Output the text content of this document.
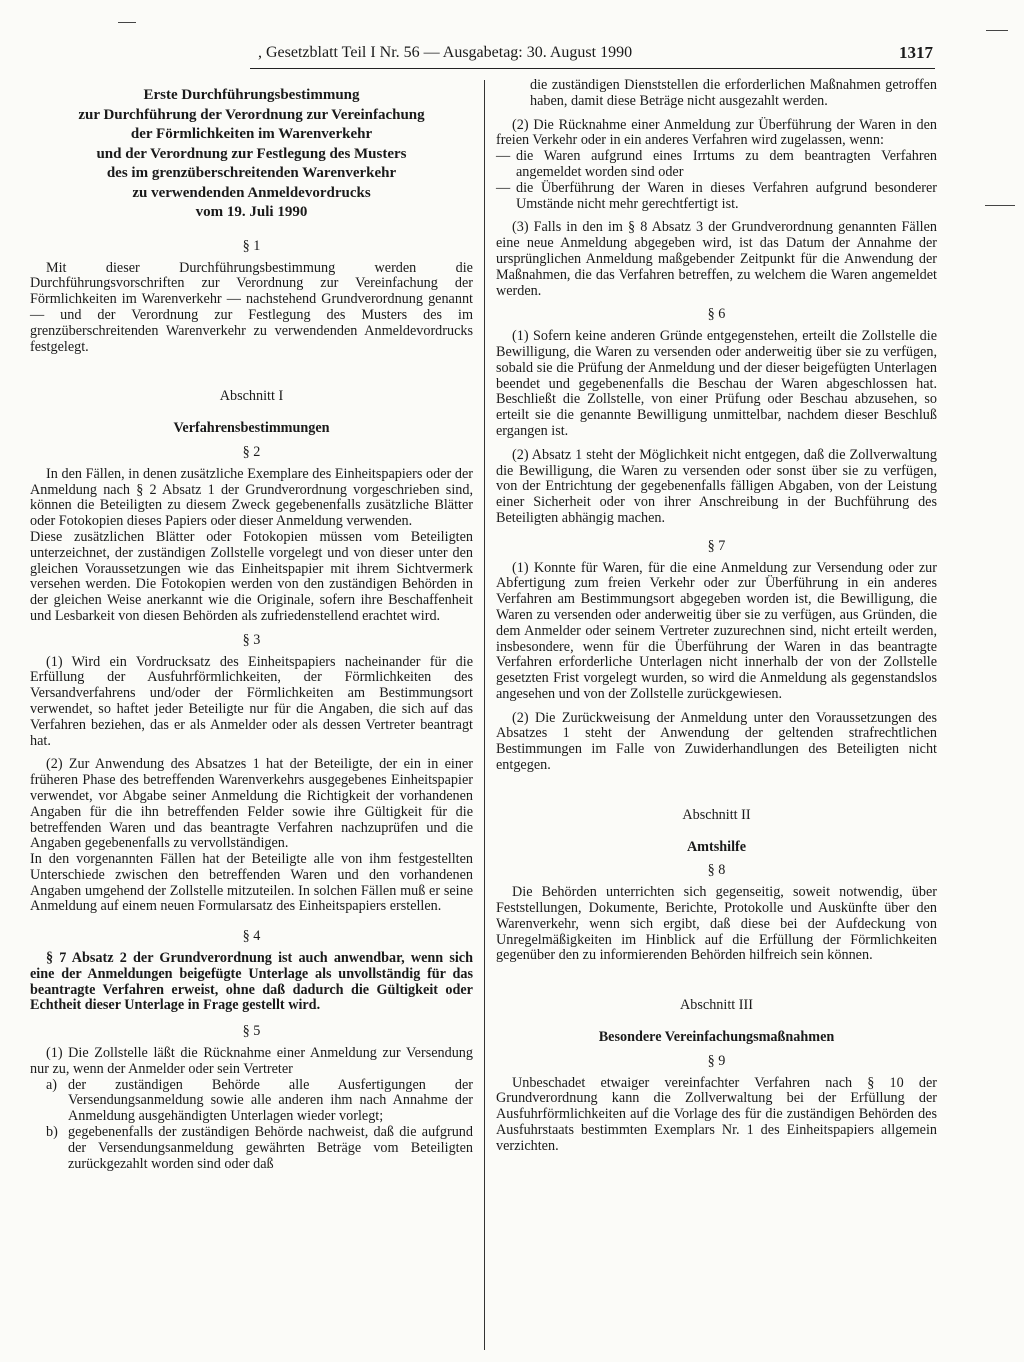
, Gesetzblatt Teil I Nr. 56 — Ausgabetag: 30. August 1990	1317
Erste Durchführungsbestimmung
zur Durchführung der Verordnung zur Vereinfachung
der Förmlichkeiten im Warenverkehr
und der Verordnung zur Festlegung des Musters
des im grenzüberschreitenden Warenverkehr
zu verwendenden Anmeldevordrucks
vom 19. Juli 1990
§ 1

Mit dieser Durchführungsbestimmung werden die Durchführungsvorschriften zur Verordnung zur Vereinfachung der Förmlichkeiten im Warenverkehr — nachstehend Grundverordnung genannt — und der Verordnung zur Festlegung des Musters des im grenzüberschreitenden Warenverkehr zu verwendenden Anmeldevordrucks festgelegt.

Abschnitt I
Verfahrensbestimmungen
§ 2

In den Fällen, in denen zusätzliche Exemplare des Einheitspapiers oder der Anmeldung nach § 2 Absatz 1 der Grundverordnung vorgeschrieben sind, können die Beteiligten zu diesem Zweck gegebenenfalls zusätzliche Blätter oder Fotokopien dieses Papiers oder dieser Anmeldung verwenden.

Diese zusätzlichen Blätter oder Fotokopien müssen vom Beteiligten unterzeichnet, der zuständigen Zollstelle vorgelegt und von dieser unter den gleichen Voraussetzungen wie das Einheitspapier mit ihrem Sichtvermerk versehen werden. Die Fotokopien werden von den zuständigen Behörden in der gleichen Weise anerkannt wie die Originale, sofern ihre Beschaffenheit und Lesbarkeit von diesen Behörden als zufriedenstellend erachtet wird.

§ 3

(1) Wird ein Vordrucksatz des Einheitspapiers nacheinander für die Erfüllung der Ausfuhrförmlichkeiten, der Förmlichkeiten des Versandverfahrens und/oder der Förmlichkeiten am Bestimmungsort verwendet, so haftet jeder Beteiligte nur für die Angaben, die sich auf das Verfahren beziehen, das er als Anmelder oder als dessen Vertreter beantragt hat.

(2) Zur Anwendung des Absatzes 1 hat der Beteiligte, der ein in einer früheren Phase des betreffenden Warenverkehrs ausgegebenes Einheitspapier verwendet, vor Abgabe seiner Anmeldung die Richtigkeit der vorhandenen Angaben für die ihn betreffenden Felder sowie ihre Gültigkeit für die betreffenden Waren und das beantragte Verfahren nachzuprüfen und die Angaben gegebenenfalls zu vervollständigen.

In den vorgenannten Fällen hat der Beteiligte alle von ihm festgestellten Unterschiede zwischen den betreffenden Waren und den vorhandenen Angaben umgehend der Zollstelle mitzuteilen. In solchen Fällen muß er seine Anmeldung auf einem neuen Formularsatz des Einheitspapiers erstellen.

§ 4

§ 7 Absatz 2 der Grundverordnung ist auch anwendbar, wenn sich eine der Anmeldungen beigefügte Unterlage als unvollständig für das beantragte Verfahren erweist, ohne daß dadurch die Gültigkeit oder Echtheit dieser Unterlage in Frage gestellt wird.

§ 5

(1) Die Zollstelle läßt die Rücknahme einer Anmeldung zur Versendung nur zu, wenn der Anmelder oder sein Vertreter

a) der zuständigen Behörde alle Ausfertigungen der Versendungsanmeldung sowie alle anderen ihm nach Annahme der Anmeldung ausgehändigten Unterlagen wieder vorlegt;
b) gegebenenfalls der zuständigen Behörde nachweist, daß die aufgrund der Versendungsanmeldung gewährten Beträge vom Beteiligten zurückgezahlt worden sind oder daß

die zuständigen Dienststellen die erforderlichen Maßnahmen getroffen haben, damit diese Beträge nicht ausgezahlt werden.

(2) Die Rücknahme einer Anmeldung zur Überführung der Waren in den freien Verkehr oder in ein anderes Verfahren wird zugelassen, wenn:

— die Waren aufgrund eines Irrtums zu dem beantragten Verfahren angemeldet worden sind oder
— die Überführung der Waren in dieses Verfahren aufgrund besonderer Umstände nicht mehr gerechtfertigt ist.

(3) Falls in den im § 8 Absatz 3 der Grundverordnung genannten Fällen eine neue Anmeldung abgegeben wird, ist das Datum der Annahme der ursprünglichen Anmeldung maßgebender Zeitpunkt für die Anwendung der Maßnahmen, die das Verfahren betreffen, zu welchem die Waren angemeldet werden.

§ 6

(1) Sofern keine anderen Gründe entgegenstehen, erteilt die Zollstelle die Bewilligung, die Waren zu versenden oder anderweitig über sie zu verfügen, sobald sie die Prüfung der Anmeldung und der dieser beigefügten Unterlagen beendet und gegebenenfalls die Beschau der Waren abgeschlossen hat. Beschließt die Zollstelle, von einer Prüfung oder Beschau abzusehen, so erteilt sie die genannte Bewilligung unmittelbar, nachdem dieser Beschluß ergangen ist.

(2) Absatz 1 steht der Möglichkeit nicht entgegen, daß die Zollverwaltung die Bewilligung, die Waren zu versenden oder sonst über sie zu verfügen, von der Entrichtung der gegebenenfalls fälligen Abgaben, von der Leistung einer Sicherheit oder von ihrer Anschreibung in der Buchführung des Beteiligten abhängig machen.

§ 7

(1) Konnte für Waren, für die eine Anmeldung zur Versendung oder zur Abfertigung zum freien Verkehr oder zur Überführung in ein anderes Verfahren am Bestimmungsort abgegeben worden ist, die Bewilligung, die Waren zu versenden oder anderweitig über sie zu verfügen, aus Gründen, die dem Anmelder oder seinem Vertreter zuzurechnen sind, nicht erteilt werden, insbesondere, wenn für die Überführung der Waren in das beantragte Verfahren erforderliche Unterlagen nicht innerhalb der von der Zollstelle gesetzten Frist vorgelegt wurden, so wird die Anmeldung als gegenstandslos angesehen und von der Zollstelle zurückgewiesen.

(2) Die Zurückweisung der Anmeldung unter den Voraussetzungen des Absatzes 1 steht der Anwendung der geltenden strafrechtlichen Bestimmungen im Falle von Zuwiderhandlungen des Beteiligten nicht entgegen.

Abschnitt II
Amtshilfe
§ 8

Die Behörden unterrichten sich gegenseitig, soweit notwendig, über Feststellungen, Dokumente, Berichte, Protokolle und Auskünfte über den Warenverkehr, wenn sich ergibt, daß diese bei der Aufdeckung von Unregelmäßigkeiten im Hinblick auf die Erfüllung der Förmlichkeiten gegenüber den zu informierenden Behörden hilfreich sein können.

Abschnitt III
Besondere Vereinfachungsmaßnahmen
§ 9

Unbeschadet etwaiger vereinfachter Verfahren nach § 10 der Grundverordnung kann die Zollverwaltung bei der Erfüllung der Ausfuhrförmlichkeiten auf die Vorlage des für die zuständigen Behörden des Ausfuhrstaats bestimmten Exemplars Nr. 1 des Einheitspapiers allgemein verzichten.
